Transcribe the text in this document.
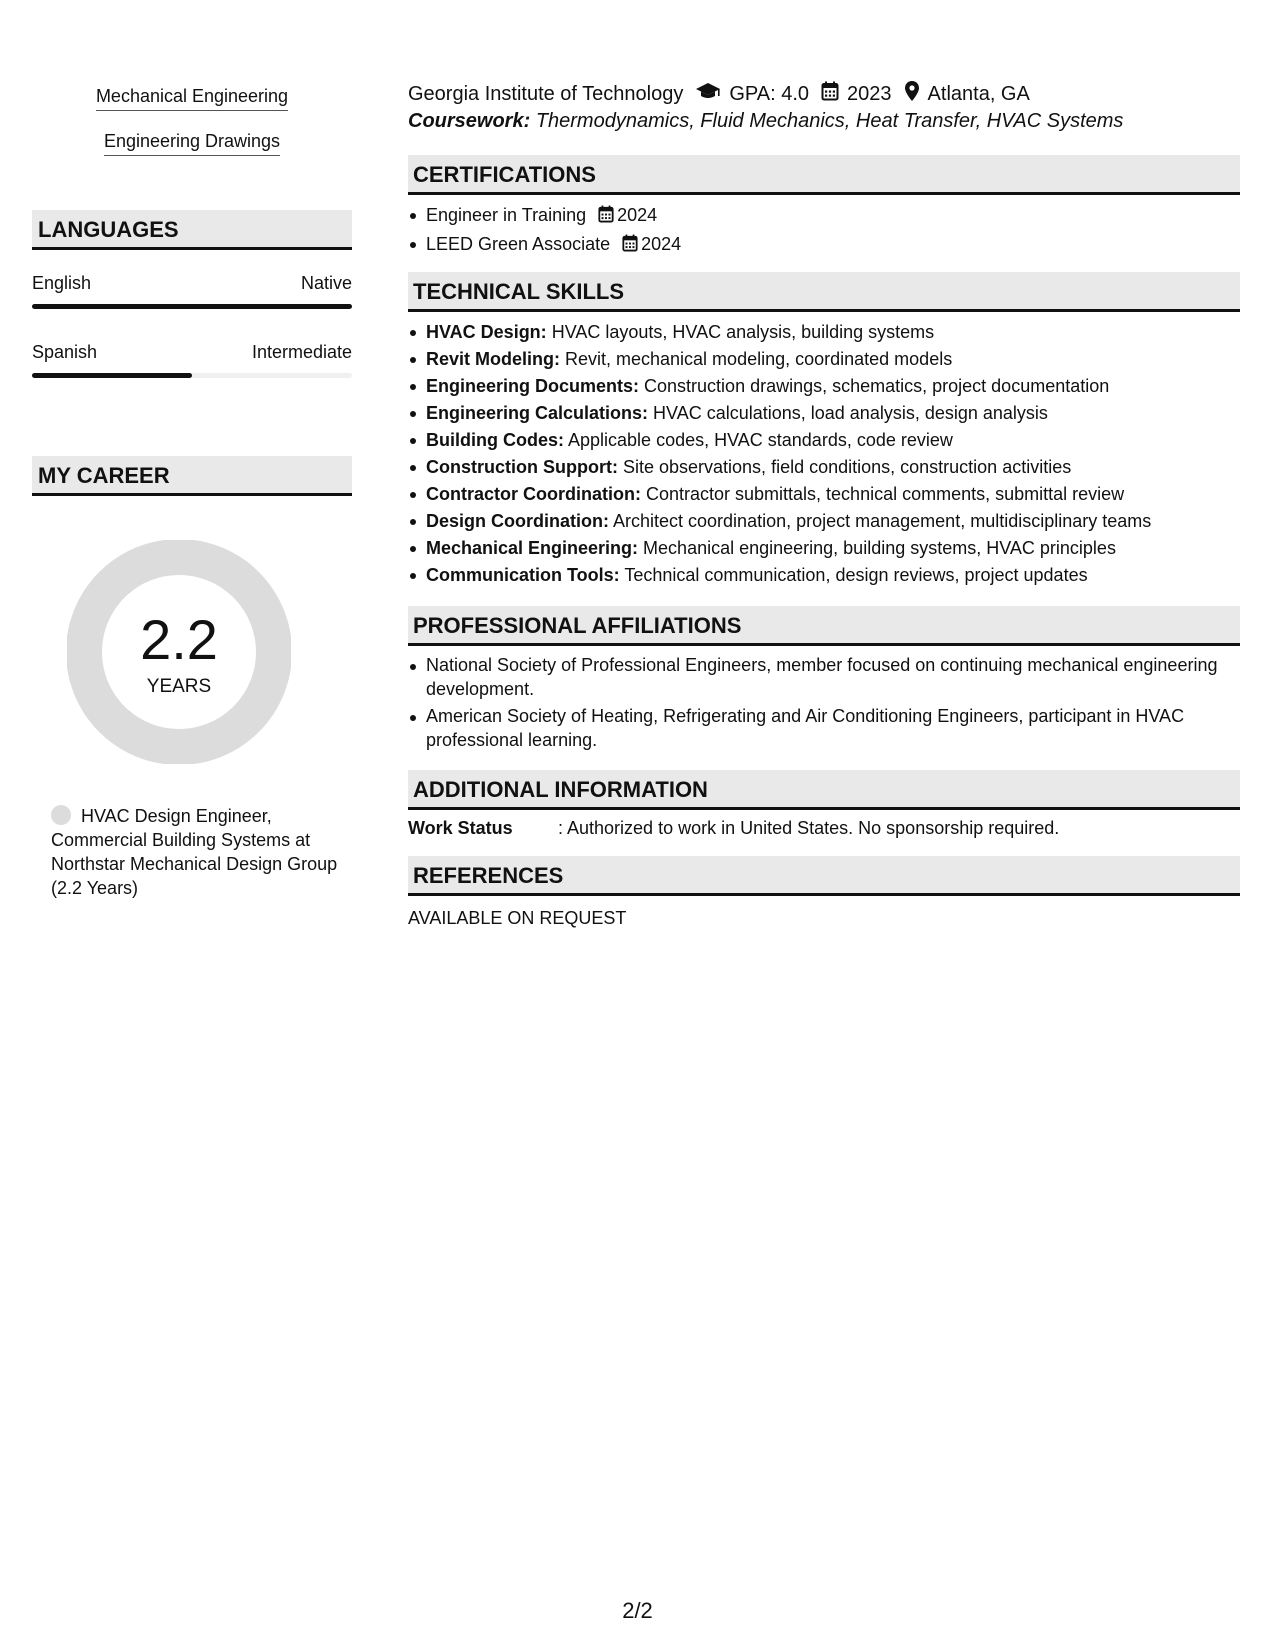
Mechanical Engineering
Engineering Drawings
LANGUAGES
English	Native
Spanish	Intermediate
MY CAREER
2.2
YEARS
HVAC Design Engineer, Commercial Building Systems at Northstar Mechanical Design Group (2.2 Years)
Georgia Institute of Technology GPA: 4.0 2023 Atlanta, GA
Coursework: Thermodynamics, Fluid Mechanics, Heat Transfer, HVAC Systems
CERTIFICATIONS
Engineer in Training 2024
LEED Green Associate 2024
TECHNICAL SKILLS
HVAC Design: HVAC layouts, HVAC analysis, building systems
Revit Modeling: Revit, mechanical modeling, coordinated models
Engineering Documents: Construction drawings, schematics, project documentation
Engineering Calculations: HVAC calculations, load analysis, design analysis
Building Codes: Applicable codes, HVAC standards, code review
Construction Support: Site observations, field conditions, construction activities
Contractor Coordination: Contractor submittals, technical comments, submittal review
Design Coordination: Architect coordination, project management, multidisciplinary teams
Mechanical Engineering: Mechanical engineering, building systems, HVAC principles
Communication Tools: Technical communication, design reviews, project updates
PROFESSIONAL AFFILIATIONS
National Society of Professional Engineers, member focused on continuing mechanical engineering development.
American Society of Heating, Refrigerating and Air Conditioning Engineers, participant in HVAC professional learning.
ADDITIONAL INFORMATION
Work Status	: Authorized to work in United States. No sponsorship required.
REFERENCES
AVAILABLE ON REQUEST
2/2
